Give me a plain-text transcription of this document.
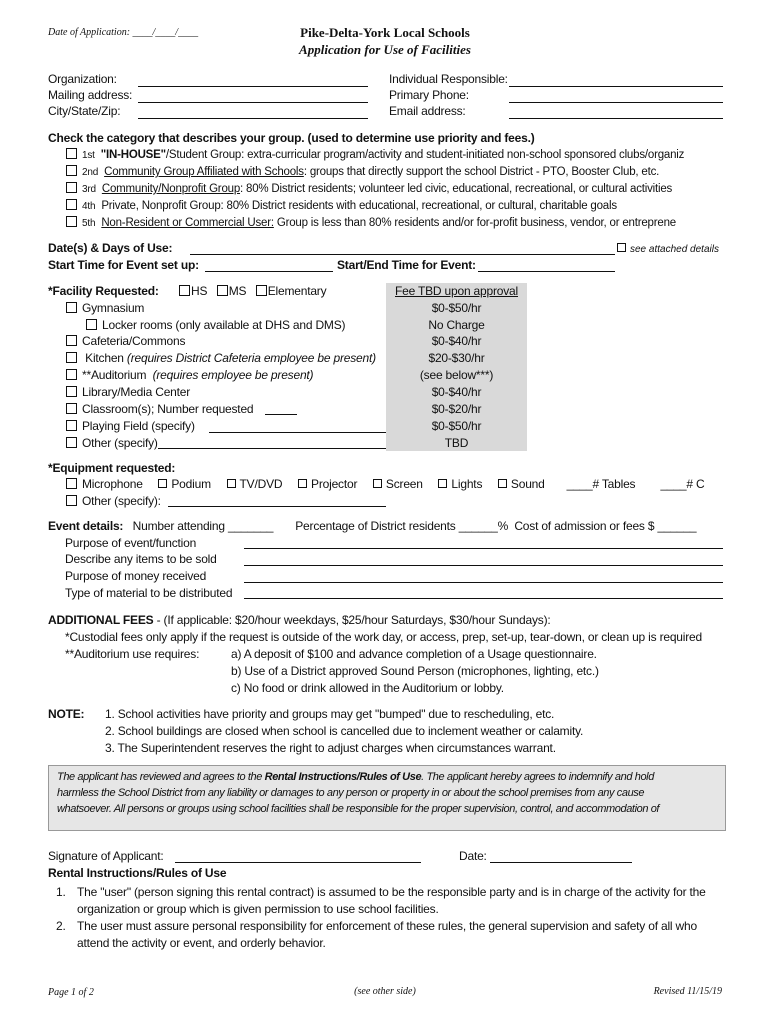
Date of Application: ____/____/____	Pike-Delta-York Local Schools
Application for Use of Facilities
Organization:
Mailing address:
City/State/Zip:
Individual Responsible:
Primary Phone:
Email address:
Check the category that describes your group. (used to determine use priority and fees.)
1st "IN-HOUSE"/Student Group: extra-curricular program/activity and student-initiated non-school sponsored clubs/organiz
2nd Community Group Affiliated with Schools: groups that directly support the school District - PTO, Booster Club, etc.
3rd Community/Nonprofit Group: 80% District residents; volunteer led civic, educational, recreational, or cultural activities
4th Private, Nonprofit Group: 80% District residents with educational, recreational, or cultural, charitable goals
5th Non-Resident or Commercial User: Group is less than 80% residents and/or for-profit business, vendor, or entreprene
Date(s) & Days of Use:	see attached details
Start Time for Event set up:	Start/End Time for Event:
*Facility Requested:	HS MS Elementary	Fee TBD upon approval
Gymnasium	$0-$50/hr
Locker rooms (only available at DHS and DMS)	No Charge
Cafeteria/Commons	$0-$40/hr
Kitchen (requires District Cafeteria employee be present)	$20-$30/hr
**Auditorium (requires employee be present)	(see below***)
Library/Media Center	$0-$40/hr
Classroom(s); Number requested	$0-$20/hr
Playing Field (specify)	$0-$50/hr
Other (specify)	TBD
*Equipment requested:
Microphone Podium TV/DVD Projector Screen Lights Sound ____# Tables ____# C
Other (specify):
Event details: Number attending _______ Percentage of District residents ______% Cost of admission or fees $ ______
Purpose of event/function
Describe any items to be sold
Purpose of money received
Type of material to be distributed
ADDITIONAL FEES - (If applicable: $20/hour weekdays, $25/hour Saturdays, $30/hour Sundays):
*Custodial fees only apply if the request is outside of the work day, or access, prep, set-up, tear-down, or clean up is required
**Auditorium use requires:	a) A deposit of $100 and advance completion of a Usage questionnaire.
b) Use of a District approved Sound Person (microphones, lighting, etc.)
c) No food or drink allowed in the Auditorium or lobby.
NOTE: 1. School activities have priority and groups may get "bumped" due to rescheduling, etc.
2. School buildings are closed when school is cancelled due to inclement weather or calamity.
3. The Superintendent reserves the right to adjust charges when circumstances warrant.
The applicant has reviewed and agrees to the Rental Instructions/Rules of Use. The applicant hereby agrees to indemnify and hold
harmless the School District from any liability or damages to any person or property in or about the school premises from any cause
whatsoever. All persons or groups using school facilities shall be responsible for the proper supervision, control, and accommodation of
Signature of Applicant:	Date:
Rental Instructions/Rules of Use
1. The "user" (person signing this rental contract) is assumed to be the responsible party and is in charge of the activity for the
organization or group which is given permission to use school facilities.
2. The user must assure personal responsibility for enforcement of these rules, the general supervision and safety of all who
attend the activity or event, and orderly behavior.
Page 1 of 2	(see other side)	Revised 11/15/19
